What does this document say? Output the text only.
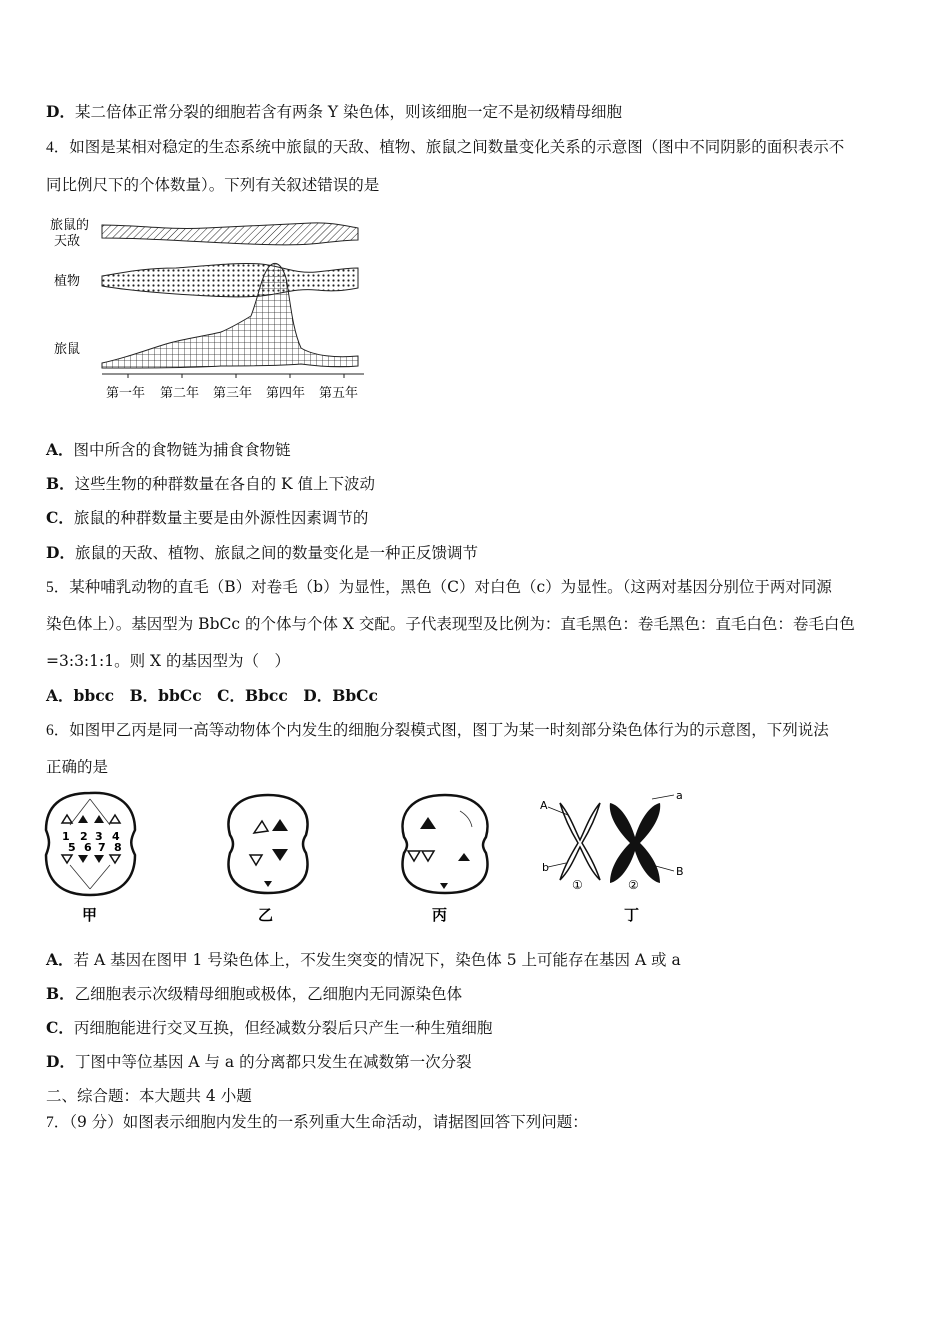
D．某二倍体正常分裂的细胞若含有两条 Y 染色体，则该细胞一定不是初级精母细胞
4．如图是某相对稳定的生态系统中旅鼠的天敌、植物、旅鼠之间数量变化关系的示意图（图中不同阴影的面积表示不
同比例尺下的个体数量）。下列有关叙述错误的是
旅鼠的
天敌
植物
旅鼠
第一年 第二年 第三年 第四年 第五年
A．图中所含的食物链为捕食食物链
B．这些生物的种群数量在各自的 K 值上下波动
C．旅鼠的种群数量主要是由外源性因素调节的
D．旅鼠的天敌、植物、旅鼠之间的数量变化是一种正反馈调节
5．某种哺乳动物的直毛（B）对卷毛（b）为显性，黑色（C）对白色（c）为显性。（这两对基因分别位于两对同源
染色体上）。基因型为 BbCc 的个体与个体 X 交配。子代表现型及比例为：直毛黑色：卷毛黑色：直毛白色：卷毛白色
=3:3:1:1。则 X 的基因型为（　）
A．bbcc　B．bbCc　C．Bbcc　D．BbCc
6．如图甲乙丙是同一高等动物体个内发生的细胞分裂模式图，图丁为某一时刻部分染色体行为的示意图，下列说法
正确的是
1 2 3 4
5 6 7 8
甲	乙	丙
A
a
b	B
①	②
丁
A．若 A 基因在图甲 1 号染色体上，不发生突变的情况下，染色体 5 上可能存在基因 A 或 a
B．乙细胞表示次级精母细胞或极体，乙细胞内无同源染色体
C．丙细胞能进行交叉互换，但经减数分裂后只产生一种生殖细胞
D．丁图中等位基因 A 与 a 的分离都只发生在减数第一次分裂
二、综合题：本大题共 4 小题
7．（9 分）如图表示细胞内发生的一系列重大生命活动，请据图回答下列问题：
